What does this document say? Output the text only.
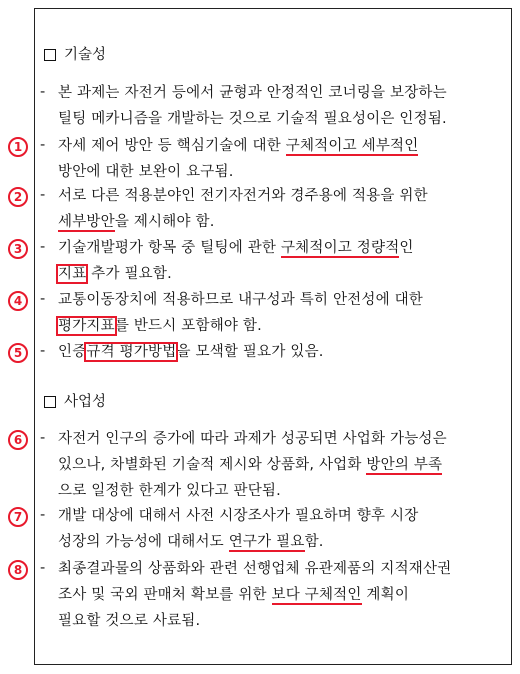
기술성
사업성
- 본 과제는 자전거 등에서 균형과 안정적인 코너링을 보장하는
틸팅 메카니즘을 개발하는 것으로 기술적 필요성이은 인정됨.
1	- 자세 제어 방안 등 핵심기술에 대한 구체적이고 세부적인
방안에 대한 보완이 요구됨.
2	- 서로 다른 적용분야인 전기자전거와 경주용에 적용을 위한
세부방안을 제시해야 함.
3	- 기술개발평가 항목 중 틸팅에 관한 구체적이고 정량적인
지표 추가 필요함.
4	- 교통이동장치에 적용하므로 내구성과 특히 안전성에 대한
평가지표를 반드시 포함해야 함.
5	- 인증규격 평가방법을 모색할 필요가 있음.
6	- 자전거 인구의 증가에 따라 과제가 성공되면 사업화 가능성은
있으나, 차별화된 기술적 제시와 상품화, 사업화 방안의 부족
으로 일정한 한계가 있다고 판단됨.
7	- 개발 대상에 대해서 사전 시장조사가 필요하며 향후 시장
성장의 가능성에 대해서도 연구가 필요함.
8	- 최종결과물의 상품화와 관련 선행업체 유관제품의 지적재산권
조사 및 국외 판매처 확보를 위한 보다 구체적인 계획이
필요할 것으로 사료됨.
